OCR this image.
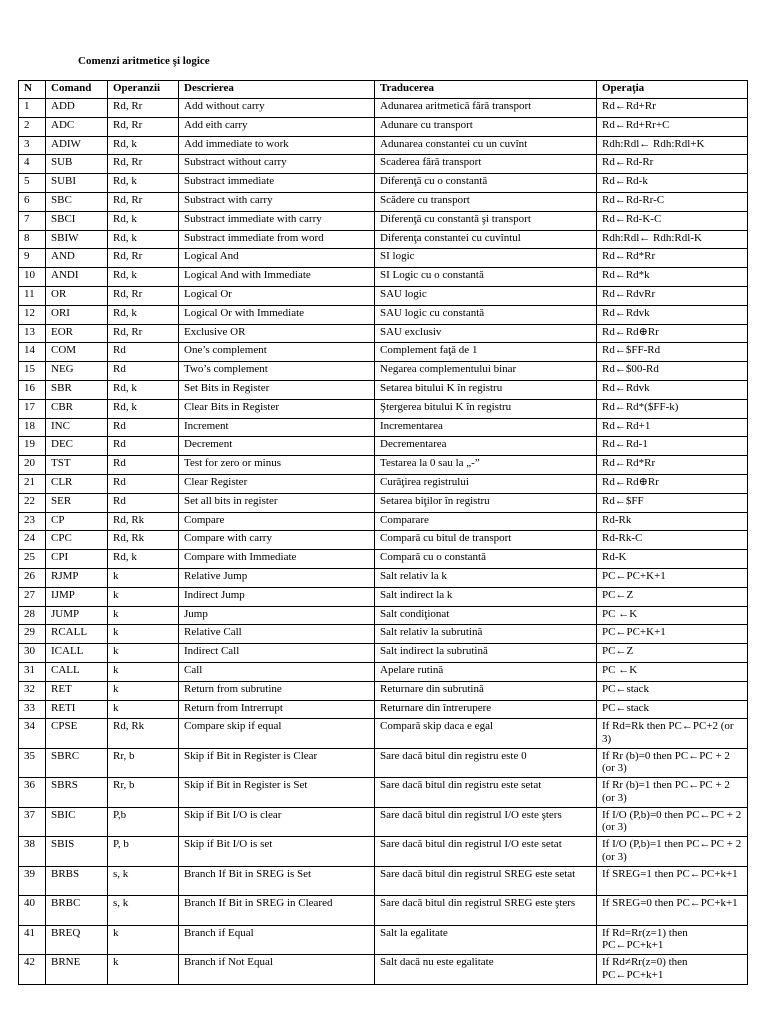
Comenzi aritmetice şi logice
N	Comand	Operanzii	Descrierea	Traducerea	Operaţia
1	ADD	Rd, Rr	Add without carry	Adunarea aritmetică fără transport	Rd←Rd+Rr
2	ADC	Rd, Rr	Add eith carry	Adunare cu transport	Rd←Rd+Rr+C
3	ADIW	Rd, k	Add immediate to work	Adunarea constantei cu un cuvînt	Rdh:Rdl← Rdh:Rdl+K
4	SUB	Rd, Rr	Substract without carry	Scaderea fără transport	Rd←Rd-Rr
5	SUBI	Rd, k	Substract immediate	Diferenţă cu o constantă	Rd←Rd-k
6	SBC	Rd, Rr	Substract with carry	Scădere cu transport	Rd←Rd-Rr-C
7	SBCI	Rd, k	Substract immediate with carry	Diferenţă cu constantă şi transport	Rd←Rd-K-C
8	SBIW	Rd, k	Substract immediate from word	Diferenţa constantei cu cuvîntul	Rdh:Rdl← Rdh:Rdl-K
9	AND	Rd, Rr	Logical And	SI logic	Rd←Rd*Rr
10	ANDI	Rd, k	Logical And with Immediate	SI Logic cu o constantă	Rd←Rd*k
11	OR	Rd, Rr	Logical Or	SAU logic	Rd←RdvRr
12	ORI	Rd, k	Logical Or with Immediate	SAU logic cu constantă	Rd←Rdvk
13	EOR	Rd, Rr	Exclusive OR	SAU exclusiv	Rd←Rd⊕Rr
14	COM	Rd	One’s complement	Complement faţă de 1	Rd←$FF-Rd
15	NEG	Rd	Two’s complement	Negarea complementului binar	Rd←$00-Rd
16	SBR	Rd, k	Set Bits in Register	Setarea bitului K în registru	Rd←Rdvk
17	CBR	Rd, k	Clear Bits in Register	Ştergerea bitului K în registru	Rd←Rd*($FF-k)
18	INC	Rd	Increment	Incrementarea	Rd←Rd+1
19	DEC	Rd	Decrement	Decrementarea	Rd←Rd-1
20	TST	Rd	Test for zero or minus	Testarea la 0 sau la „-”	Rd←Rd*Rr
21	CLR	Rd	Clear Register	Curăţirea registrului	Rd←Rd⊕Rr
22	SER	Rd	Set all bits in register	Setarea biţilor în registru	Rd←$FF
23	CP	Rd, Rk	Compare	Comparare	Rd-Rk
24	CPC	Rd, Rk	Compare with carry	Compară cu bitul de transport	Rd-Rk-C
25	CPI	Rd, k	Compare with Immediate	Compară cu o constantă	Rd-K
26	RJMP	k	Relative Jump	Salt relativ la k	PC←PC+K+1
27	IJMP	k	Indirect Jump	Salt indirect la k	PC←Z
28	JUMP	k	Jump	Salt condiţionat	PC ←K
29	RCALL	k	Relative Call	Salt relativ la subrutină	PC←PC+K+1
30	ICALL	k	Indirect Call	Salt indirect la subrutină	PC←Z
31	CALL	k	Call	Apelare rutină	PC ←K
32	RET	k	Return from subrutine	Returnare din subrutină	PC←stack
33	RETI	k	Return from Intrerrupt	Returnare din întrerupere	PC←stack
34	CPSE	Rd, Rk	Compare skip if equal	Compară skip daca e egal	If Rd=Rk then PC←PC+2 (or 3)
35	SBRC	Rr, b	Skip if Bit in Register is Clear	Sare dacă bitul din registru este 0	If Rr (b)=0 then PC←PC + 2 (or 3)
36	SBRS	Rr, b	Skip if Bit in Register is Set	Sare dacă bitul din registru este setat	If Rr (b)=1 then PC←PC + 2 (or 3)
37	SBIC	P,b	Skip if Bit I/O is clear	Sare dacă bitul din registrul I/O este şters	If I/O (P,b)=0 then PC←PC + 2 (or 3)
38	SBIS	P, b	Skip if Bit I/O is set	Sare dacă bitul din registrul I/O este setat	If I/O (P,b)=1 then PC←PC + 2 (or 3)
39	BRBS	s, k	Branch If Bit in SREG is Set	Sare dacă bitul din registrul SREG este setat	If SREG=1 then PC←PC+k+1
40	BRBC	s, k	Branch If Bit in SREG in Cleared	Sare dacă bitul din registrul SREG este şters	If SREG=0 then PC←PC+k+1
41	BREQ	k	Branch if Equal	Salt la egalitate	If Rd=Rr(z=1) then PC←PC+k+1
42	BRNE	k	Branch if Not Equal	Salt dacă nu este egalitate	If Rd≠Rr(z=0) then PC←PC+k+1
